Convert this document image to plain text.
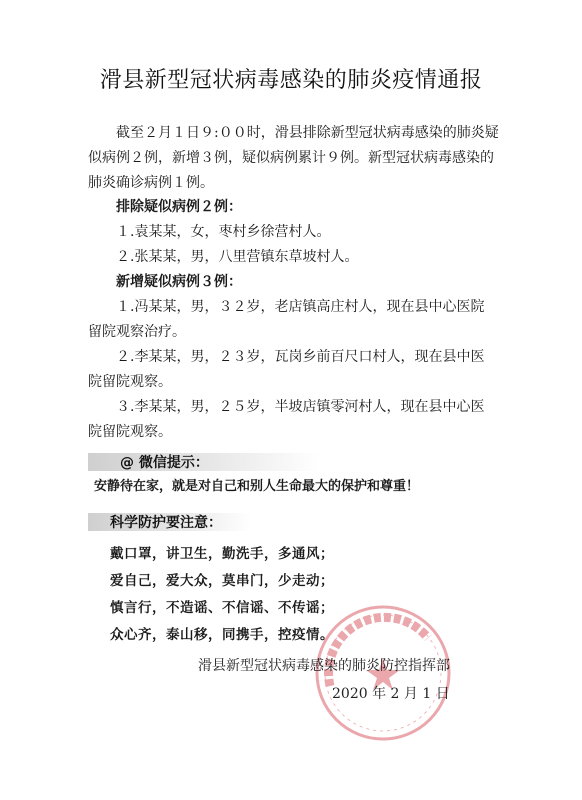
滑县新型冠状病毒感染的肺炎疫情通报

截至２月１日９:００时，滑县排除新型冠状病毒感染的肺炎疑似病例２例，新增３例，疑似病例累计９例。新型冠状病毒感染的肺炎确诊病例１例。

排除疑似病例２例：

１.袁某某，女，枣村乡徐营村人。

２.张某某，男，八里营镇东草坡村人。

新增疑似病例３例：

１.冯某某，男，３２岁，老店镇高庄村人，现在县中心医院留院观察治疗。

２.李某某，男，２３岁，瓦岗乡前百尺口村人，现在县中医院留院观察。

３.李某某，男，２５岁，半坡店镇零河村人，现在县中心医院留院观察。

@ 微信提示：
安静待在家，就是对自己和别人生命最大的保护和尊重！
科学防护要注意：
戴口罩，讲卫生，勤洗手，多通风；
爱自己，爱大众，莫串门，少走动；
慎言行，不造谣、不信谣、不传谣；
众心齐，泰山移，同携手，控疫情。
滑县新型冠状病毒感染的肺炎防控指挥部
2020 年 2 月 1 日
